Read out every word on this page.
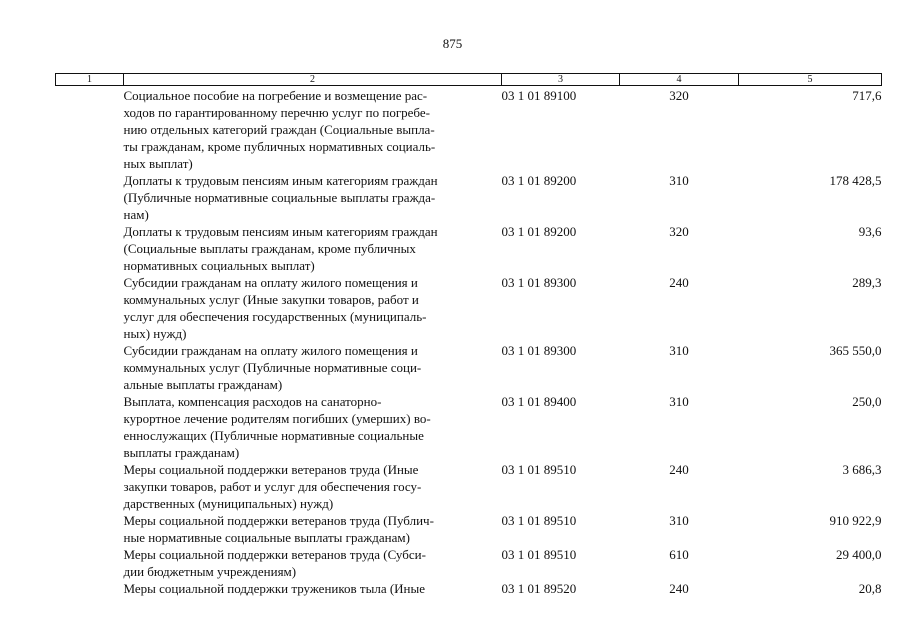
875
1	2	3	4	5

	Социальное пособие на погребение и возмещение рас-
ходов по гарантированному перечню услуг по погребе-
нию отдельных категорий граждан (Социальные выпла-
ты гражданам, кроме публичных нормативных социаль-
ных выплат)	03 1 01 89100	320	717,6

	Доплаты к трудовым пенсиям иным категориям граждан
(Публичные нормативные социальные выплаты гражда-
нам)	03 1 01 89200	310	178 428,5

	Доплаты к трудовым пенсиям иным категориям граждан
(Социальные выплаты гражданам, кроме публичных
нормативных социальных выплат)	03 1 01 89200	320	93,6

	Субсидии гражданам на оплату жилого помещения и
коммунальных услуг (Иные закупки товаров, работ и
услуг для обеспечения государственных (муниципаль-
ных) нужд)	03 1 01 89300	240	289,3

	Субсидии гражданам на оплату жилого помещения и
коммунальных услуг (Публичные нормативные соци-
альные выплаты гражданам)	03 1 01 89300	310	365 550,0

	Выплата, компенсация расходов на санаторно-
курортное лечение родителям погибших (умерших) во-
еннослужащих (Публичные нормативные социальные
выплаты гражданам)	03 1 01 89400	310	250,0

	Меры социальной поддержки ветеранов труда (Иные
закупки товаров, работ и услуг для обеспечения госу-
дарственных (муниципальных) нужд)	03 1 01 89510	240	3 686,3

	Меры социальной поддержки ветеранов труда (Публич-
ные нормативные социальные выплаты гражданам)	03 1 01 89510	310	910 922,9

	Меры социальной поддержки ветеранов труда (Субси-
дии бюджетным учреждениям)	03 1 01 89510	610	29 400,0

	Меры социальной поддержки тружеников тыла (Иные	03 1 01 89520	240	20,8
